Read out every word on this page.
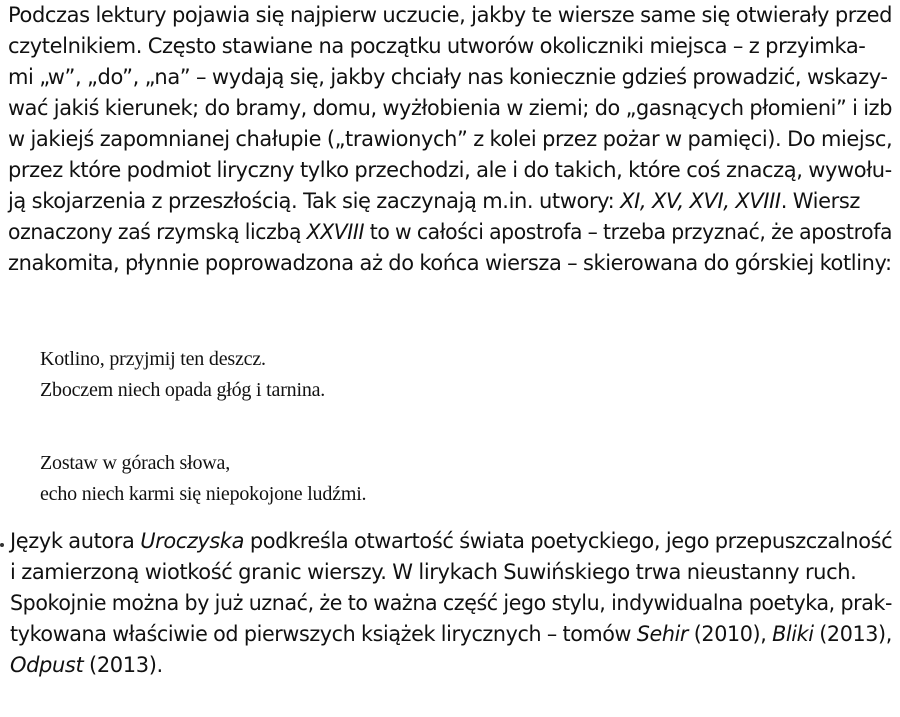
Podczas lektury pojawia się najpierw uczucie, jakby te wiersze same się otwierały przed
czytelnikiem. Często stawiane na początku utworów okoliczniki miejsca – z przyimka-
mi „w”, „do”, „na” – wydają się, jakby chciały nas koniecznie gdzieś prowadzić, wskazy-
wać jakiś kierunek; do bramy, domu, wyżłobienia w ziemi; do „gasnących płomieni” i izb
w jakiejś zapomnianej chałupie („trawionych” z kolei przez pożar w pamięci). Do miejsc,
przez które podmiot liryczny tylko przechodzi, ale i do takich, które coś znaczą, wywołu-
ją skojarzenia z przeszłością. Tak się zaczynają m.in. utwory: XI, XV, XVI, XVIII. Wiersz
oznaczony zaś rzymską liczbą XXVIII to w całości apostrofa – trzeba przyznać, że apostrofa
znakomita, płynnie poprowadzona aż do końca wiersza – skierowana do górskiej kotliny:
Kotlino, przyjmij ten deszcz.
Zboczem niech opada głóg i tarnina.
Zostaw w górach słowa,
echo niech karmi się niepokojone ludźmi.
Język autora Uroczyska podkreśla otwartość świata poetyckiego, jego przepuszczalność
i zamierzoną wiotkość granic wierszy. W lirykach Suwińskiego trwa nieustanny ruch.
Spokojnie można by już uznać, że to ważna część jego stylu, indywidualna poetyka, prak-
tykowana właściwie od pierwszych książek lirycznych – tomów Sehir (2010), Bliki (2013),
Odpust (2013).
